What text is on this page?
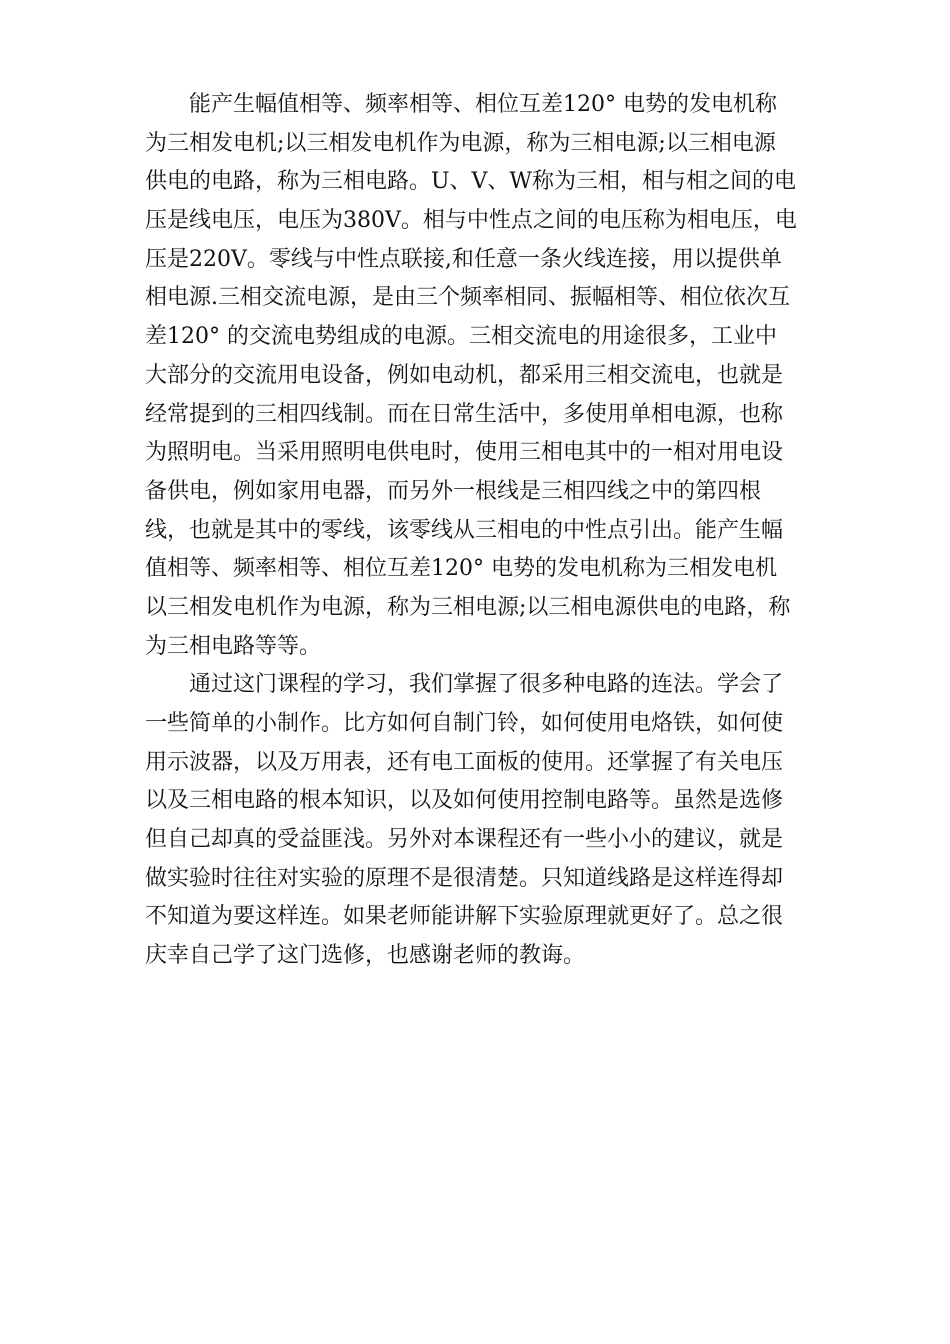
能产生幅值相等、频率相等、相位互差120° 电势的发电机称
为三相发电机;以三相发电机作为电源，称为三相电源;以三相电源
供电的电路，称为三相电路。U、V、W称为三相，相与相之间的电
压是线电压，电压为380V。相与中性点之间的电压称为相电压，电
压是220V。零线与中性点联接,和任意一条火线连接，用以提供单
相电源.三相交流电源，是由三个频率相同、振幅相等、相位依次互
差120° 的交流电势组成的电源。三相交流电的用途很多，工业中
大部分的交流用电设备，例如电动机，都采用三相交流电，也就是
经常提到的三相四线制。而在日常生活中，多使用单相电源，也称
为照明电。当采用照明电供电时，使用三相电其中的一相对用电设
备供电，例如家用电器，而另外一根线是三相四线之中的第四根
线，也就是其中的零线，该零线从三相电的中性点引出。能产生幅
值相等、频率相等、相位互差120° 电势的发电机称为三相发电机
以三相发电机作为电源，称为三相电源;以三相电源供电的电路，称
为三相电路等等。
通过这门课程的学习，我们掌握了很多种电路的连法。学会了
一些简单的小制作。比方如何自制门铃，如何使用电烙铁，如何使
用示波器，以及万用表，还有电工面板的使用。还掌握了有关电压
以及三相电路的根本知识，以及如何使用控制电路等。虽然是选修
但自己却真的受益匪浅。另外对本课程还有一些小小的建议，就是
做实验时往往对实验的原理不是很清楚。只知道线路是这样连得却
不知道为要这样连。如果老师能讲解下实验原理就更好了。总之很
庆幸自己学了这门选修，也感谢老师的教诲。
